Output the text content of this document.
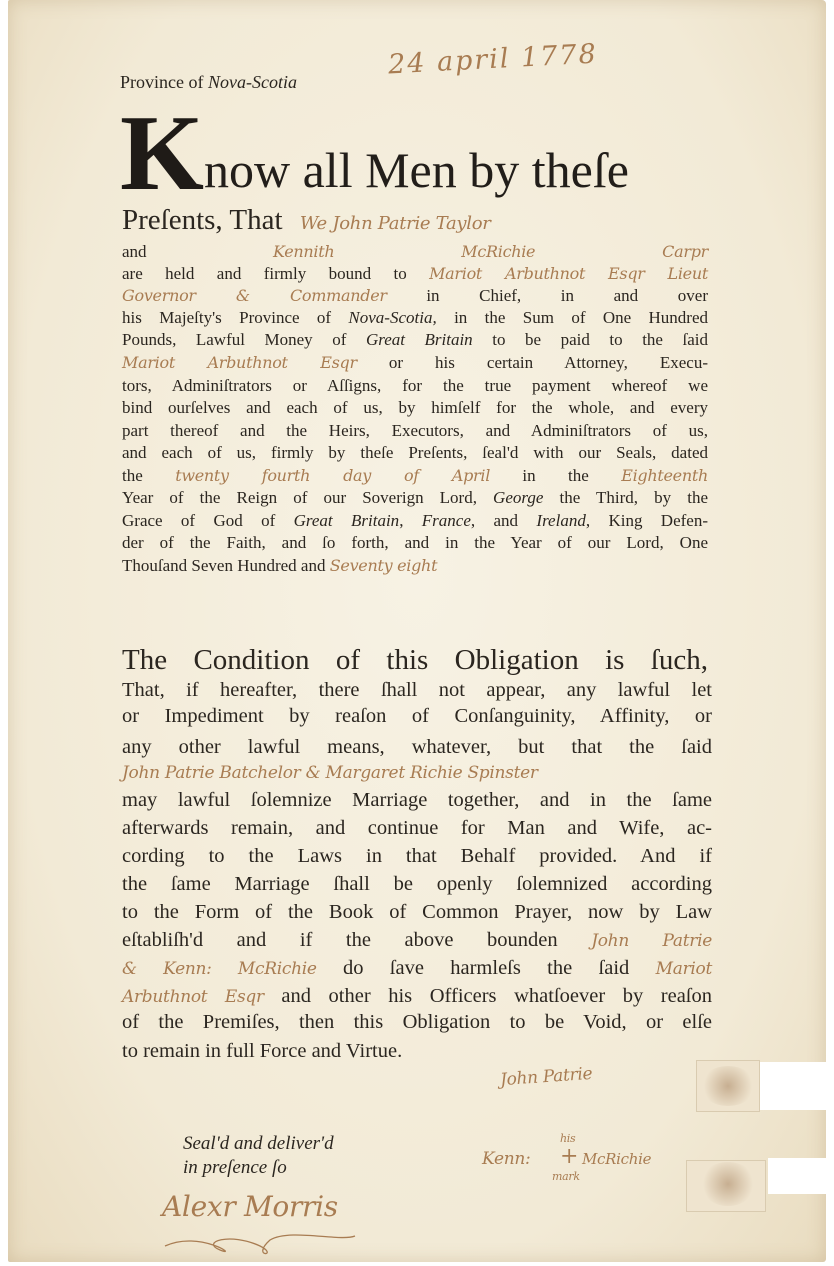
Province of Nova-Scotia
24 april 1778
K now all Men by theſe
Preſents, That We John Patrie Taylor
and Kennith McRichie Carpr
are held and firmly bound to Mariot Arbuthnot Esqr Lieut
Governor & Commander in Chief, in and over
his Majeſty's Province of Nova-Scotia, in the Sum of One Hundred
Pounds, Lawful Money of Great Britain to be paid to the ſaid
Mariot Arbuthnot Esqr or his certain Attorney, Execu-
tors, Adminiſtrators or Aſſigns, for the true payment whereof we
bind ourſelves and each of us, by himſelf for the whole, and every
part thereof and the Heirs, Executors, and Adminiſtrators of us,
and each of us, firmly by theſe Preſents, ſeal'd with our Seals, dated
the twenty fourth day of April in the Eighteenth
Year of the Reign of our Soverign Lord, George the Third, by the
Grace of God of Great Britain, France, and Ireland, King Defen-
der of the Faith, and ſo forth, and in the Year of our Lord, One
Thouſand Seven Hundred and Seventy eight
The Condition of this Obligation is ſuch,
That, if hereafter, there ſhall not appear, any lawful let
or Impediment by reaſon of Conſanguinity, Affinity, or
any other lawful means, whatever, but that the ſaid
John Patrie Batchelor & Margaret Richie Spinster
may lawful ſolemnize Marriage together, and in the ſame
afterwards remain, and continue for Man and Wife, ac-
cording to the Laws in that Behalf provided. And if
the ſame Marriage ſhall be openly ſolemnized according
to the Form of the Book of Common Prayer, now by Law
eſtabliſh'd and if the above bounden John Patrie
& Kenn: McRichie do ſave harmleſs the ſaid Mariot
Arbuthnot Esqr and other his Officers whatſoever by reaſon
of the Premiſes, then this Obligation to be Void, or elſe
to remain in full Force and Virtue.
John Patrie
Seal'd and deliver'd
in preſence ſo
Alexr Morris
Kenn:
his
+
mark
McRichie
